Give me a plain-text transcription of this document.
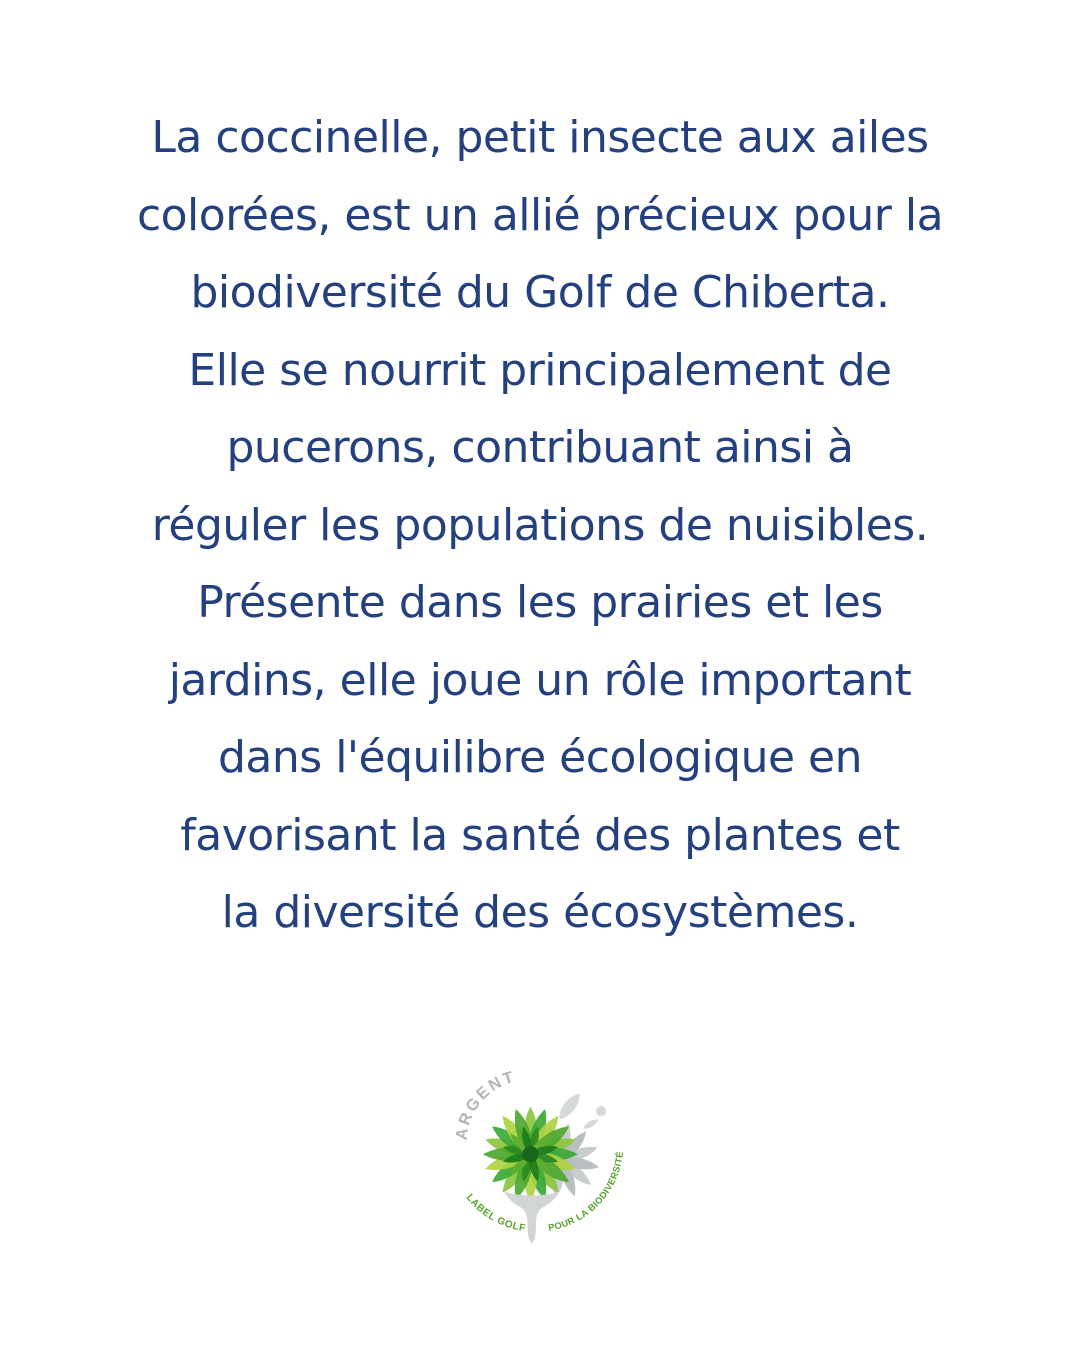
La coccinelle, petit insecte aux ailes
colorées, est un allié précieux pour la
biodiversité du Golf de Chiberta.
Elle se nourrit principalement de
pucerons, contribuant ainsi à
réguler les populations de nuisibles.
Présente dans les prairies et les
jardins, elle joue un rôle important
dans l'équilibre écologique en
favorisant la santé des plantes et
la diversité des écosystèmes.
ARGENT
LABEL GOLF	POUR LA BIODIVERSITÉ
